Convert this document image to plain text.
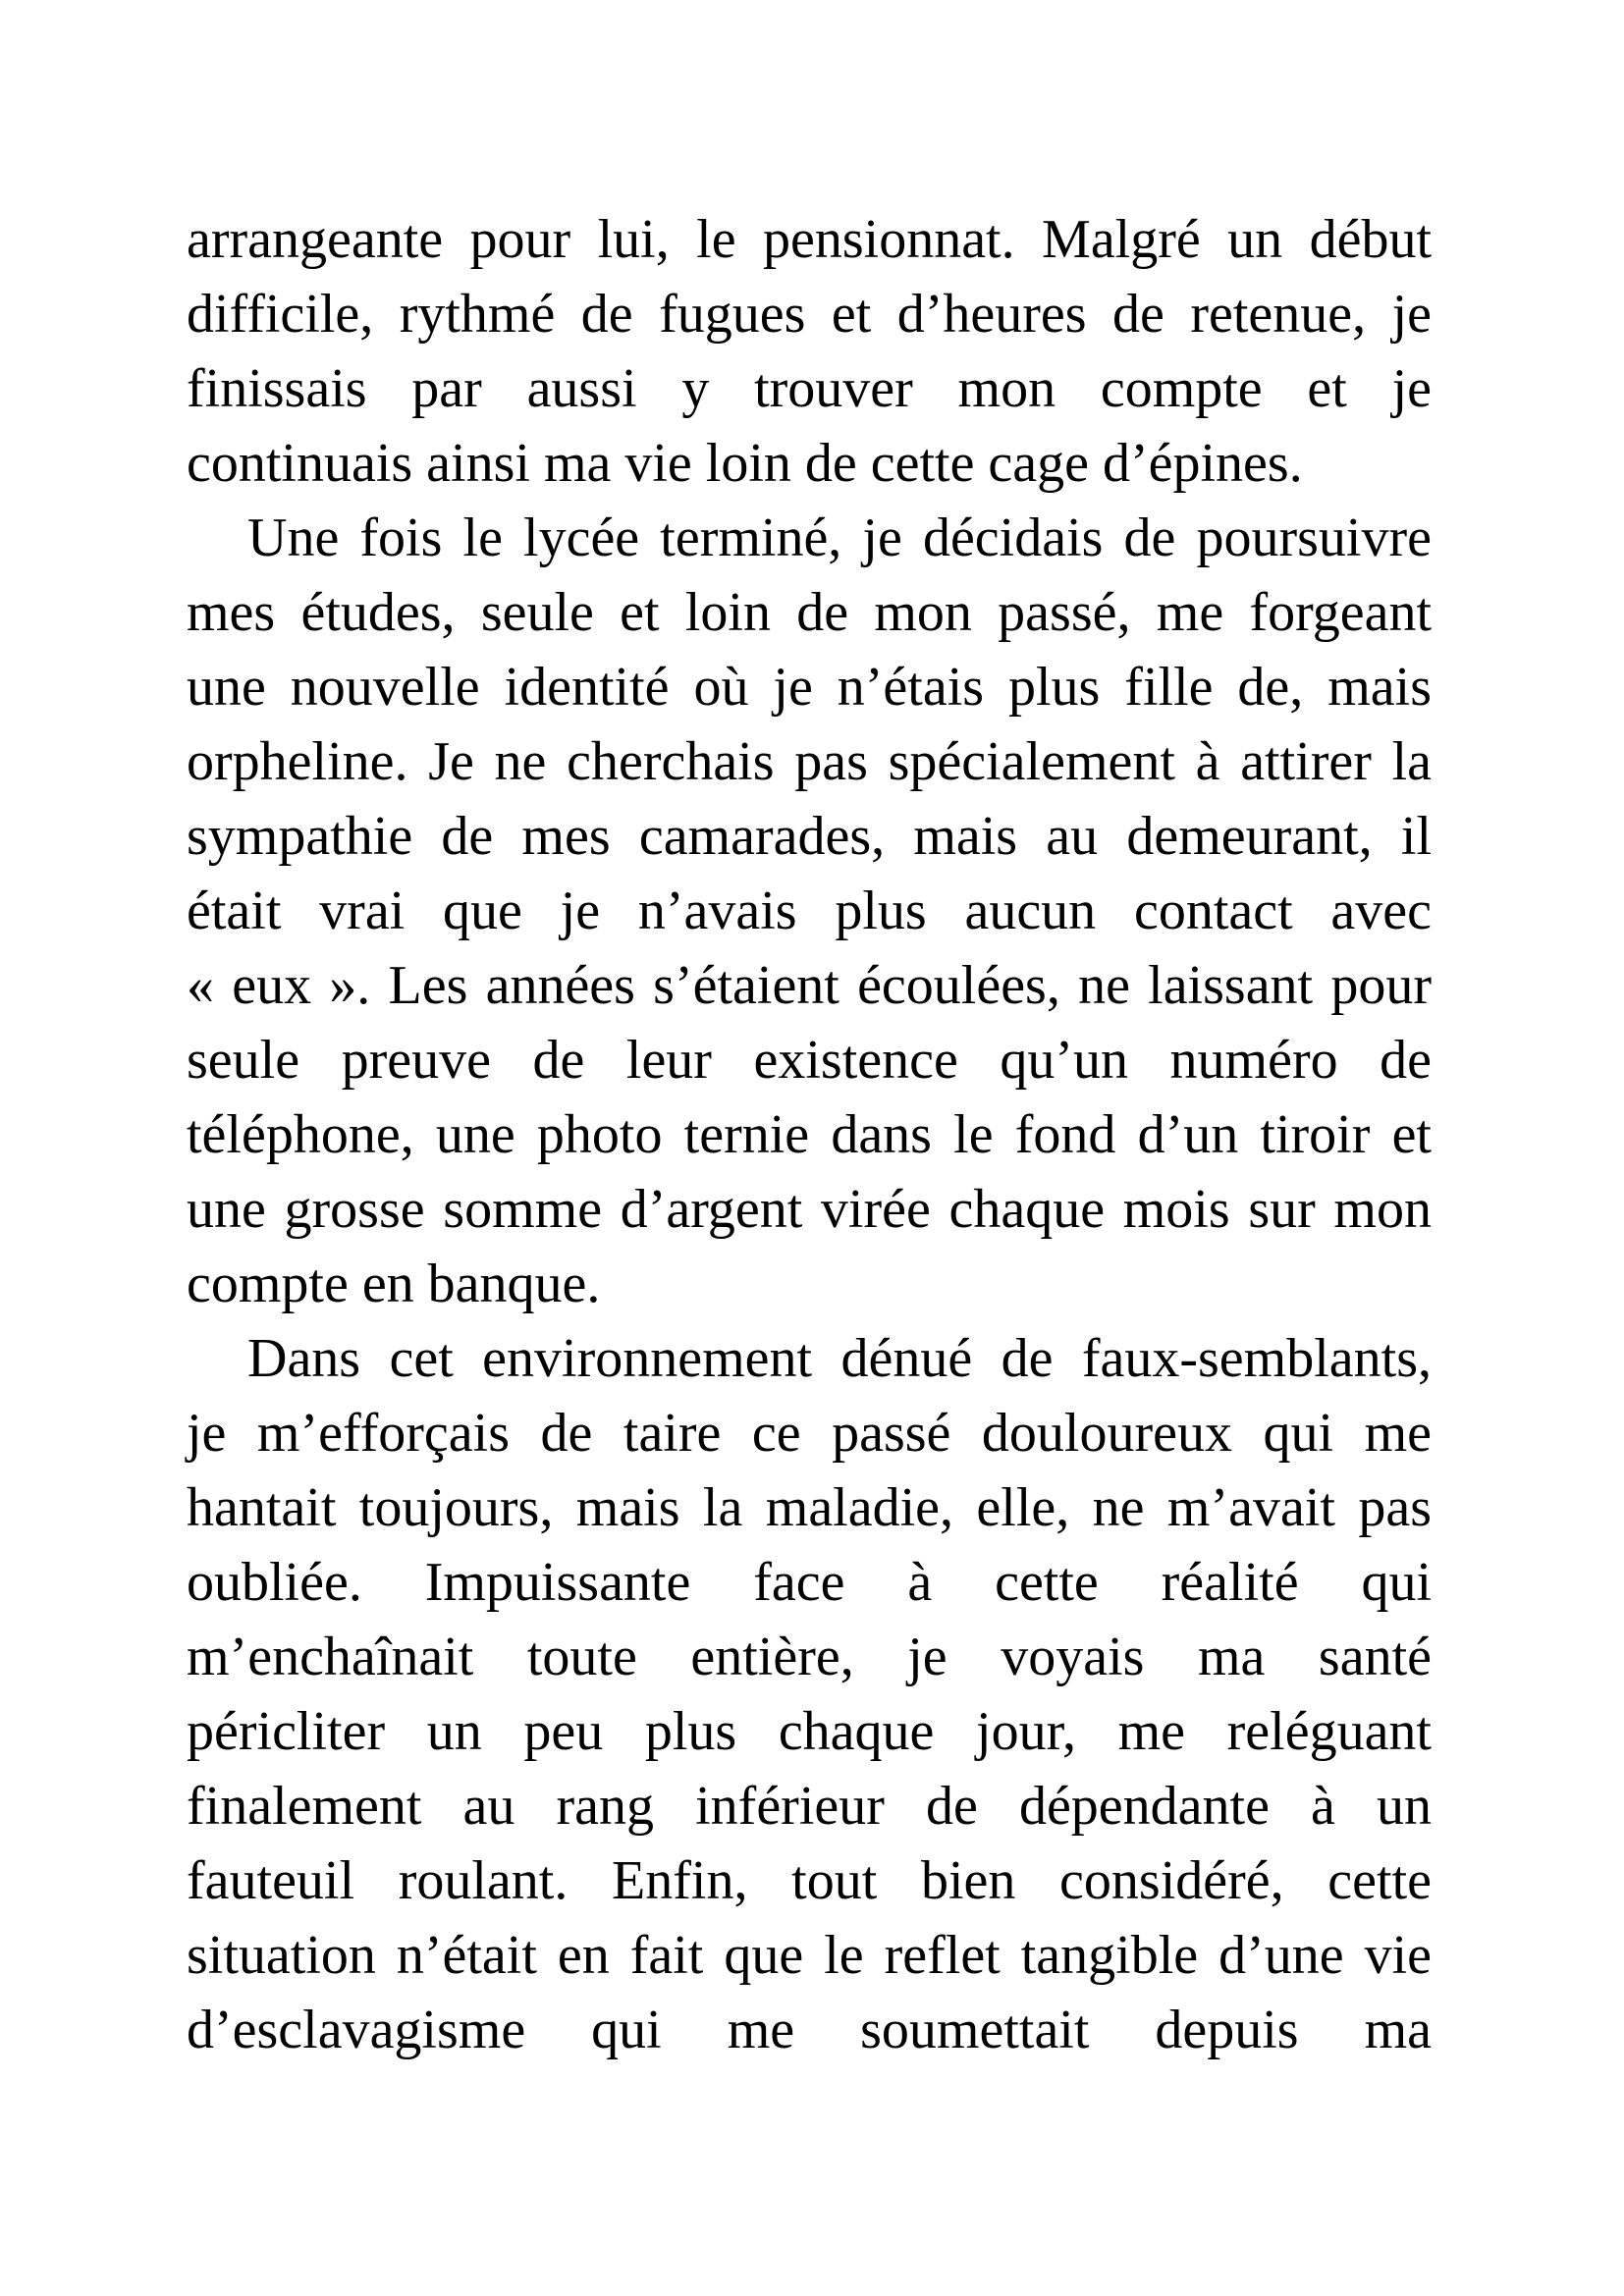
arrangeante pour lui, le pensionnat. Malgré un début
difficile, rythmé de fugues et d’heures de retenue, je
finissais par aussi y trouver mon compte et je
continuais ainsi ma vie loin de cette cage d’épines.
Une fois le lycée terminé, je décidais de poursuivre
mes études, seule et loin de mon passé, me forgeant
une nouvelle identité où je n’étais plus fille de, mais
orpheline. Je ne cherchais pas spécialement à attirer la
sympathie de mes camarades, mais au demeurant, il
était vrai que je n’avais plus aucun contact avec
« eux ». Les années s’étaient écoulées, ne laissant pour
seule preuve de leur existence qu’un numéro de
téléphone, une photo ternie dans le fond d’un tiroir et
une grosse somme d’argent virée chaque mois sur mon
compte en banque.
Dans cet environnement dénué de faux-semblants,
je m’efforçais de taire ce passé douloureux qui me
hantait toujours, mais la maladie, elle, ne m’avait pas
oubliée. Impuissante face à cette réalité qui
m’enchaînait toute entière, je voyais ma santé
péricliter un peu plus chaque jour, me reléguant
finalement au rang inférieur de dépendante à un
fauteuil roulant. Enfin, tout bien considéré, cette
situation n’était en fait que le reflet tangible d’une vie
d’esclavagisme qui me soumettait depuis ma
